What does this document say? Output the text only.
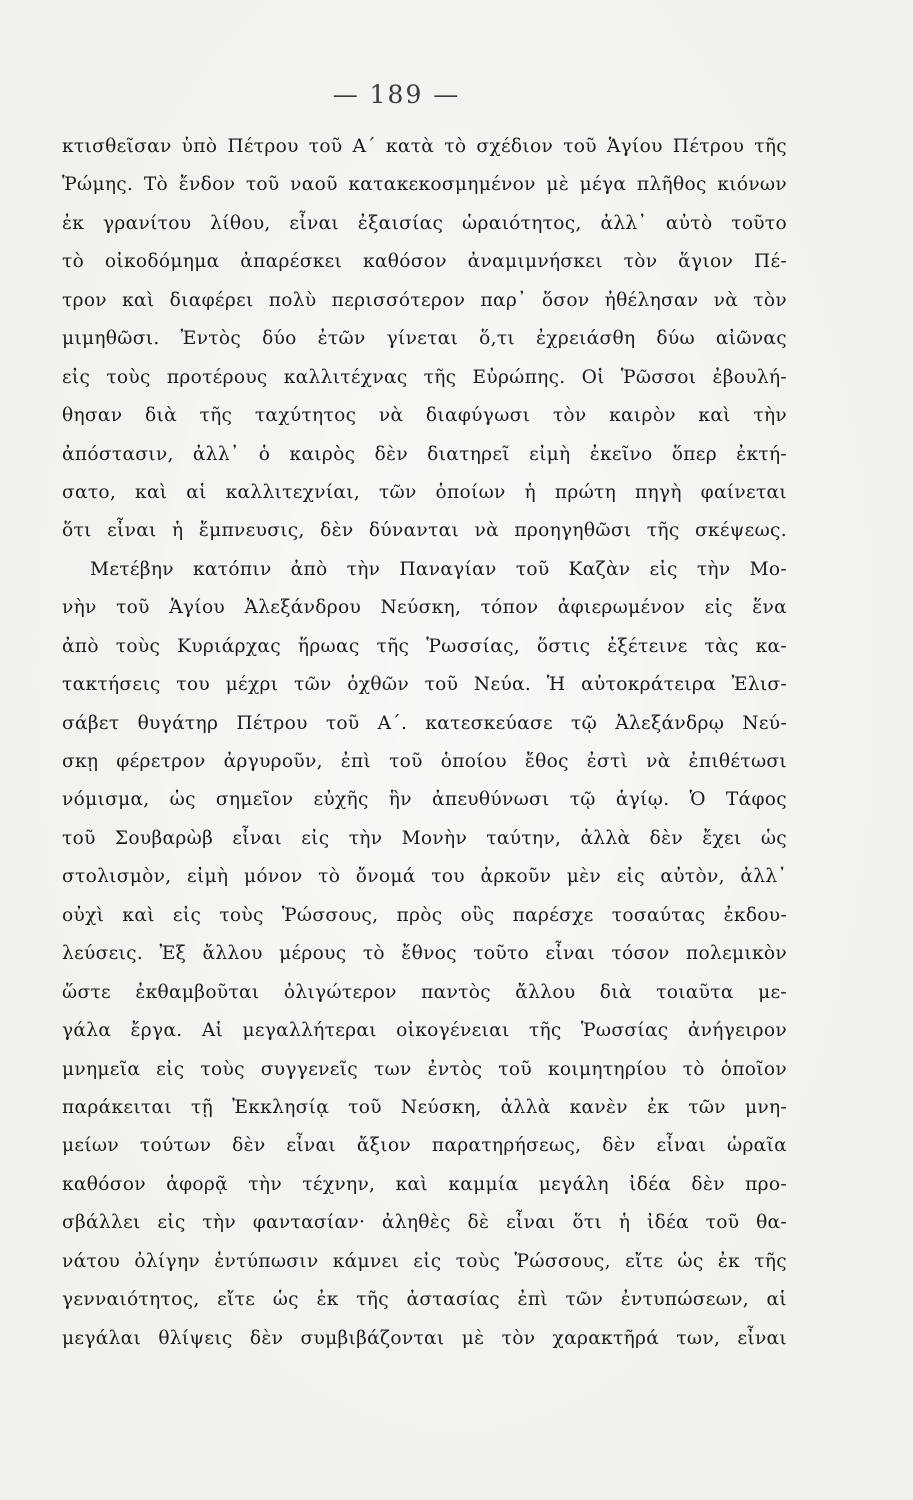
— 189 —
κτισθεῖσαν ὑπὸ Πέτρου τοῦ Α´ κατὰ τὸ σχέδιον τοῦ Ἁγίου Πέτρου τῆς
Ῥώμης. Τὸ ἔνδον τοῦ ναοῦ κατακεκοσμημένον μὲ μέγα πλῆθος κιόνων
ἐκ γρανίτου λίθου, εἶναι ἐξαισίας ὡραιότητος, ἀλλ᾽ αὐτὸ τοῦτο
τὸ οἰκοδόμημα ἀπαρέσκει καθόσον ἀναμιμνήσκει τὸν ἅγιον Πέ-
τρον καὶ διαφέρει πολὺ περισσότερον παρ᾽ ὅσον ἠθέλησαν νὰ τὸν
μιμηθῶσι. Ἐντὸς δύο ἐτῶν γίνεται ὅ,τι ἐχρειάσθη δύω αἰῶνας
εἰς τοὺς προτέρους καλλιτέχνας τῆς Εὐρώπης. Οἱ Ῥῶσσοι ἐβουλή-
θησαν διὰ τῆς ταχύτητος νὰ διαφύγωσι τὸν καιρὸν καὶ τὴν
ἀπόστασιν, ἀλλ᾽ ὁ καιρὸς δὲν διατηρεῖ εἰμὴ ἐκεῖνο ὅπερ ἐκτή-
σατο, καὶ αἱ καλλιτεχνίαι, τῶν ὁποίων ἡ πρώτη πηγὴ φαίνεται
ὅτι εἶναι ἡ ἔμπνευσις, δὲν δύνανται νὰ προηγηθῶσι τῆς σκέψεως.
Μετέβην κατόπιν ἀπὸ τὴν Παναγίαν τοῦ Καζὰν εἰς τὴν Μο-
νὴν τοῦ Ἁγίου Ἀλεξάνδρου Νεύσκη, τόπον ἀφιερωμένον εἰς ἕνα
ἀπὸ τοὺς Κυριάρχας ἥρωας τῆς Ῥωσσίας, ὅστις ἐξέτεινε τὰς κα-
τακτήσεις του μέχρι τῶν ὀχθῶν τοῦ Νεύα. Ἡ αὐτοκράτειρα Ἐλισ-
σάβετ θυγάτηρ Πέτρου τοῦ Α´. κατεσκεύασε τῷ Ἀλεξάνδρῳ Νεύ-
σκῃ φέρετρον ἀργυροῦν, ἐπὶ τοῦ ὁποίου ἔθος ἐστὶ νὰ ἐπιθέτωσι
νόμισμα, ὡς σημεῖον εὐχῆς ἣν ἀπευθύνωσι τῷ ἁγίῳ. Ὁ Τάφος
τοῦ Σουβαρὼβ εἶναι εἰς τὴν Μονὴν ταύτην, ἀλλὰ δὲν ἔχει ὡς
στολισμὸν, εἰμὴ μόνον τὸ ὄνομά του ἀρκοῦν μὲν εἰς αὐτὸν, ἀλλ᾽
οὐχὶ καὶ εἰς τοὺς Ῥώσσους, πρὸς οὓς παρέσχε τοσαύτας ἐκδου-
λεύσεις. Ἐξ ἄλλου μέρους τὸ ἔθνος τοῦτο εἶναι τόσον πολεμικὸν
ὥστε ἐκθαμβοῦται ὀλιγώτερον παντὸς ἄλλου διὰ τοιαῦτα με-
γάλα ἔργα. Αἱ μεγαλλήτεραι οἰκογένειαι τῆς Ῥωσσίας ἀνήγειρον
μνημεῖα εἰς τοὺς συγγενεῖς των ἐντὸς τοῦ κοιμητηρίου τὸ ὁποῖον
παράκειται τῇ Ἐκκλησίᾳ τοῦ Νεύσκη, ἀλλὰ κανὲν ἐκ τῶν μνη-
μείων τούτων δὲν εἶναι ἄξιον παρατηρήσεως, δὲν εἶναι ὡραῖα
καθόσον ἀφορᾷ τὴν τέχνην, καὶ καμμία μεγάλη ἰδέα δὲν προ-
σβάλλει εἰς τὴν φαντασίαν· ἀληθὲς δὲ εἶναι ὅτι ἡ ἰδέα τοῦ θα-
νάτου ὀλίγην ἐντύπωσιν κάμνει εἰς τοὺς Ῥώσσους, εἴτε ὡς ἐκ τῆς
γενναιότητος, εἴτε ὡς ἐκ τῆς ἀστασίας ἐπὶ τῶν ἐντυπώσεων, αἱ
μεγάλαι θλίψεις δὲν συμβιβάζονται μὲ τὸν χαρακτῆρά των, εἶναι
